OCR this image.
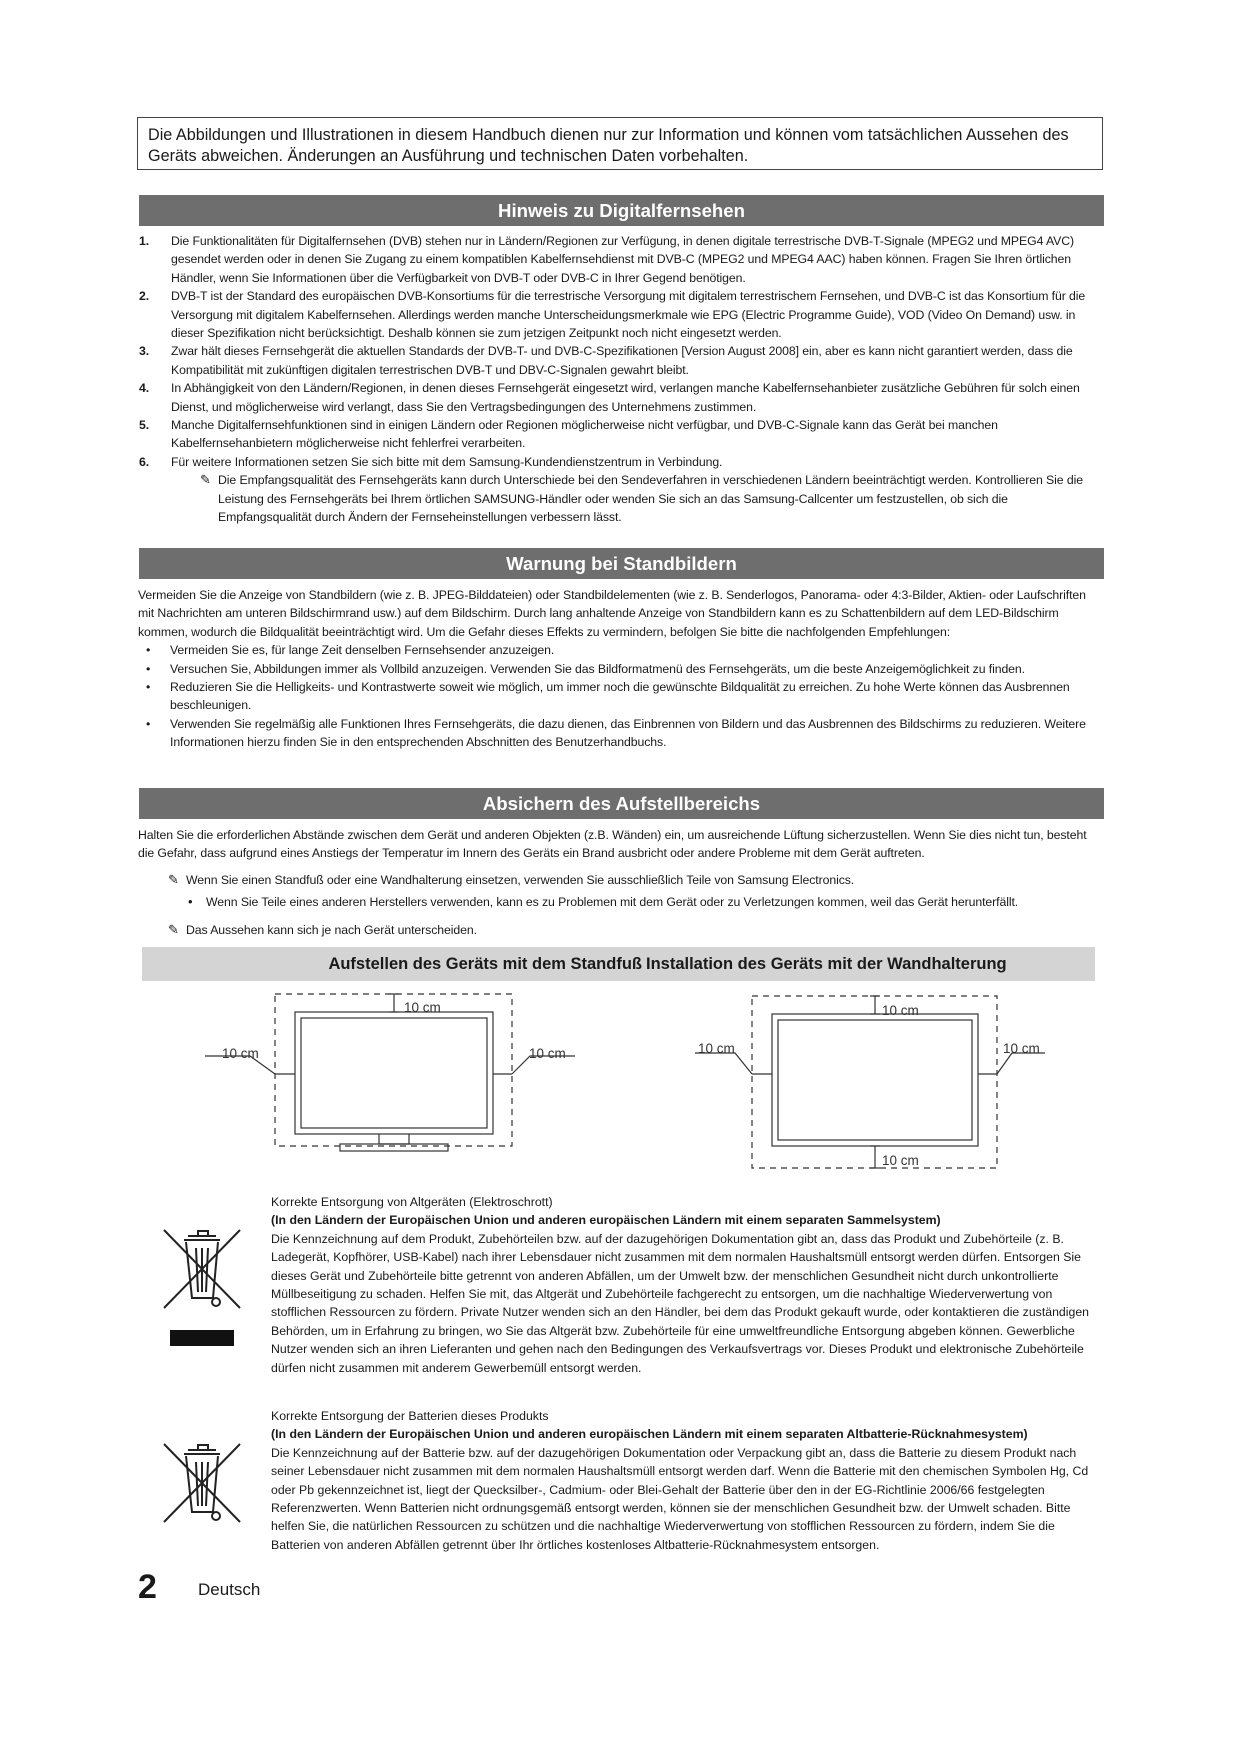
Die Abbildungen und Illustrationen in diesem Handbuch dienen nur zur Information und können vom tatsächlichen Aussehen des Geräts abweichen. Änderungen an Ausführung und technischen Daten vorbehalten.
Hinweis zu Digitalfernsehen
1. Die Funktionalitäten für Digitalfernsehen (DVB) stehen nur in Ländern/Regionen zur Verfügung, in denen digitale terrestrische DVB-T-Signale (MPEG2 und MPEG4 AVC) gesendet werden oder in denen Sie Zugang zu einem kompatiblen Kabelfernsehdienst mit DVB-C (MPEG2 und MPEG4 AAC) haben können. Fragen Sie Ihren örtlichen Händler, wenn Sie Informationen über die Verfügbarkeit von DVB-T oder DVB-C in Ihrer Gegend benötigen.
2. DVB-T ist der Standard des europäischen DVB-Konsortiums für die terrestrische Versorgung mit digitalem terrestrischem Fernsehen, und DVB-C ist das Konsortium für die Versorgung mit digitalem Kabelfernsehen. Allerdings werden manche Unterscheidungsmerkmale wie EPG (Electric Programme Guide), VOD (Video On Demand) usw. in dieser Spezifikation nicht berücksichtigt. Deshalb können sie zum jetzigen Zeitpunkt noch nicht eingesetzt werden.
3. Zwar hält dieses Fernsehgerät die aktuellen Standards der DVB-T- und DVB-C-Spezifikationen [Version August 2008] ein, aber es kann nicht garantiert werden, dass die Kompatibilität mit zukünftigen digitalen terrestrischen DVB-T und DBV-C-Signalen gewahrt bleibt.
4. In Abhängigkeit von den Ländern/Regionen, in denen dieses Fernsehgerät eingesetzt wird, verlangen manche Kabelfernsehanbieter zusätzliche Gebühren für solch einen Dienst, und möglicherweise wird verlangt, dass Sie den Vertragsbedingungen des Unternehmens zustimmen.
5. Manche Digitalfernsehfunktionen sind in einigen Ländern oder Regionen möglicherweise nicht verfügbar, und DVB-C-Signale kann das Gerät bei manchen Kabelfernsehanbietern möglicherweise nicht fehlerfrei verarbeiten.
6. Für weitere Informationen setzen Sie sich bitte mit dem Samsung-Kundendienstzentrum in Verbindung.
✎ Die Empfangsqualität des Fernsehgeräts kann durch Unterschiede bei den Sendeverfahren in verschiedenen Ländern beeinträchtigt werden. Kontrollieren Sie die Leistung des Fernsehgeräts bei Ihrem örtlichen SAMSUNG-Händler oder wenden Sie sich an das Samsung-Callcenter um festzustellen, ob sich die Empfangsqualität durch Ändern der Fernseheinstellungen verbessern lässt.
Warnung bei Standbildern
Vermeiden Sie die Anzeige von Standbildern (wie z. B. JPEG-Bilddateien) oder Standbildelementen (wie z. B. Senderlogos, Panorama- oder 4:3-Bilder, Aktien- oder Laufschriften mit Nachrichten am unteren Bildschirmrand usw.) auf dem Bildschirm. Durch lang anhaltende Anzeige von Standbildern kann es zu Schattenbildern auf dem LED-Bildschirm kommen, wodurch die Bildqualität beeinträchtigt wird. Um die Gefahr dieses Effekts zu vermindern, befolgen Sie bitte die nachfolgenden Empfehlungen:
• Vermeiden Sie es, für lange Zeit denselben Fernsehsender anzuzeigen.
• Versuchen Sie, Abbildungen immer als Vollbild anzuzeigen. Verwenden Sie das Bildformatmenü des Fernsehgeräts, um die beste Anzeigemöglichkeit zu finden.
• Reduzieren Sie die Helligkeits- und Kontrastwerte soweit wie möglich, um immer noch die gewünschte Bildqualität zu erreichen. Zu hohe Werte können das Ausbrennen beschleunigen.
• Verwenden Sie regelmäßig alle Funktionen Ihres Fernsehgeräts, die dazu dienen, das Einbrennen von Bildern und das Ausbrennen des Bildschirms zu reduzieren. Weitere Informationen hierzu finden Sie in den entsprechenden Abschnitten des Benutzerhandbuchs.
Absichern des Aufstellbereichs
Halten Sie die erforderlichen Abstände zwischen dem Gerät und anderen Objekten (z.B. Wänden) ein, um ausreichende Lüftung sicherzustellen. Wenn Sie dies nicht tun, besteht die Gefahr, dass aufgrund eines Anstiegs der Temperatur im Innern des Geräts ein Brand ausbricht oder andere Probleme mit dem Gerät auftreten.
✎ Wenn Sie einen Standfuß oder eine Wandhalterung einsetzen, verwenden Sie ausschließlich Teile von Samsung Electronics.
• Wenn Sie Teile eines anderen Herstellers verwenden, kann es zu Problemen mit dem Gerät oder zu Verletzungen kommen, weil das Gerät herunterfällt.
✎ Das Aussehen kann sich je nach Gerät unterscheiden.
Aufstellen des Geräts mit dem Standfuß Installation des Geräts mit der Wandhalterung
10 cm
10 cm	10 cm
10 cm
10 cm	10 cm
10 cm
Korrekte Entsorgung von Altgeräten (Elektroschrott)
(In den Ländern der Europäischen Union und anderen europäischen Ländern mit einem separaten Sammelsystem)
Die Kennzeichnung auf dem Produkt, Zubehörteilen bzw. auf der dazugehörigen Dokumentation gibt an, dass das Produkt und Zubehörteile (z. B. Ladegerät, Kopfhörer, USB-Kabel) nach ihrer Lebensdauer nicht zusammen mit dem normalen Haushaltsmüll entsorgt werden dürfen. Entsorgen Sie dieses Gerät und Zubehörteile bitte getrennt von anderen Abfällen, um der Umwelt bzw. der menschlichen Gesundheit nicht durch unkontrollierte Müllbeseitigung zu schaden. Helfen Sie mit, das Altgerät und Zubehörteile fachgerecht zu entsorgen, um die nachhaltige Wiederverwertung von stofflichen Ressourcen zu fördern. Private Nutzer wenden sich an den Händler, bei dem das Produkt gekauft wurde, oder kontaktieren die zuständigen Behörden, um in Erfahrung zu bringen, wo Sie das Altgerät bzw. Zubehörteile für eine umweltfreundliche Entsorgung abgeben können. Gewerbliche Nutzer wenden sich an ihren Lieferanten und gehen nach den Bedingungen des Verkaufsvertrags vor. Dieses Produkt und elektronische Zubehörteile dürfen nicht zusammen mit anderem Gewerbemüll entsorgt werden.
Korrekte Entsorgung der Batterien dieses Produkts
(In den Ländern der Europäischen Union und anderen europäischen Ländern mit einem separaten Altbatterie-Rücknahmesystem)
Die Kennzeichnung auf der Batterie bzw. auf der dazugehörigen Dokumentation oder Verpackung gibt an, dass die Batterie zu diesem Produkt nach seiner Lebensdauer nicht zusammen mit dem normalen Haushaltsmüll entsorgt werden darf. Wenn die Batterie mit den chemischen Symbolen Hg, Cd oder Pb gekennzeichnet ist, liegt der Quecksilber-, Cadmium- oder Blei-Gehalt der Batterie über den in der EG-Richtlinie 2006/66 festgelegten Referenzwerten. Wenn Batterien nicht ordnungsgemäß entsorgt werden, können sie der menschlichen Gesundheit bzw. der Umwelt schaden. Bitte helfen Sie, die natürlichen Ressourcen zu schützen und die nachhaltige Wiederverwertung von stofflichen Ressourcen zu fördern, indem Sie die Batterien von anderen Abfällen getrennt über Ihr örtliches kostenloses Altbatterie-Rücknahmesystem entsorgen.
2 Deutsch
